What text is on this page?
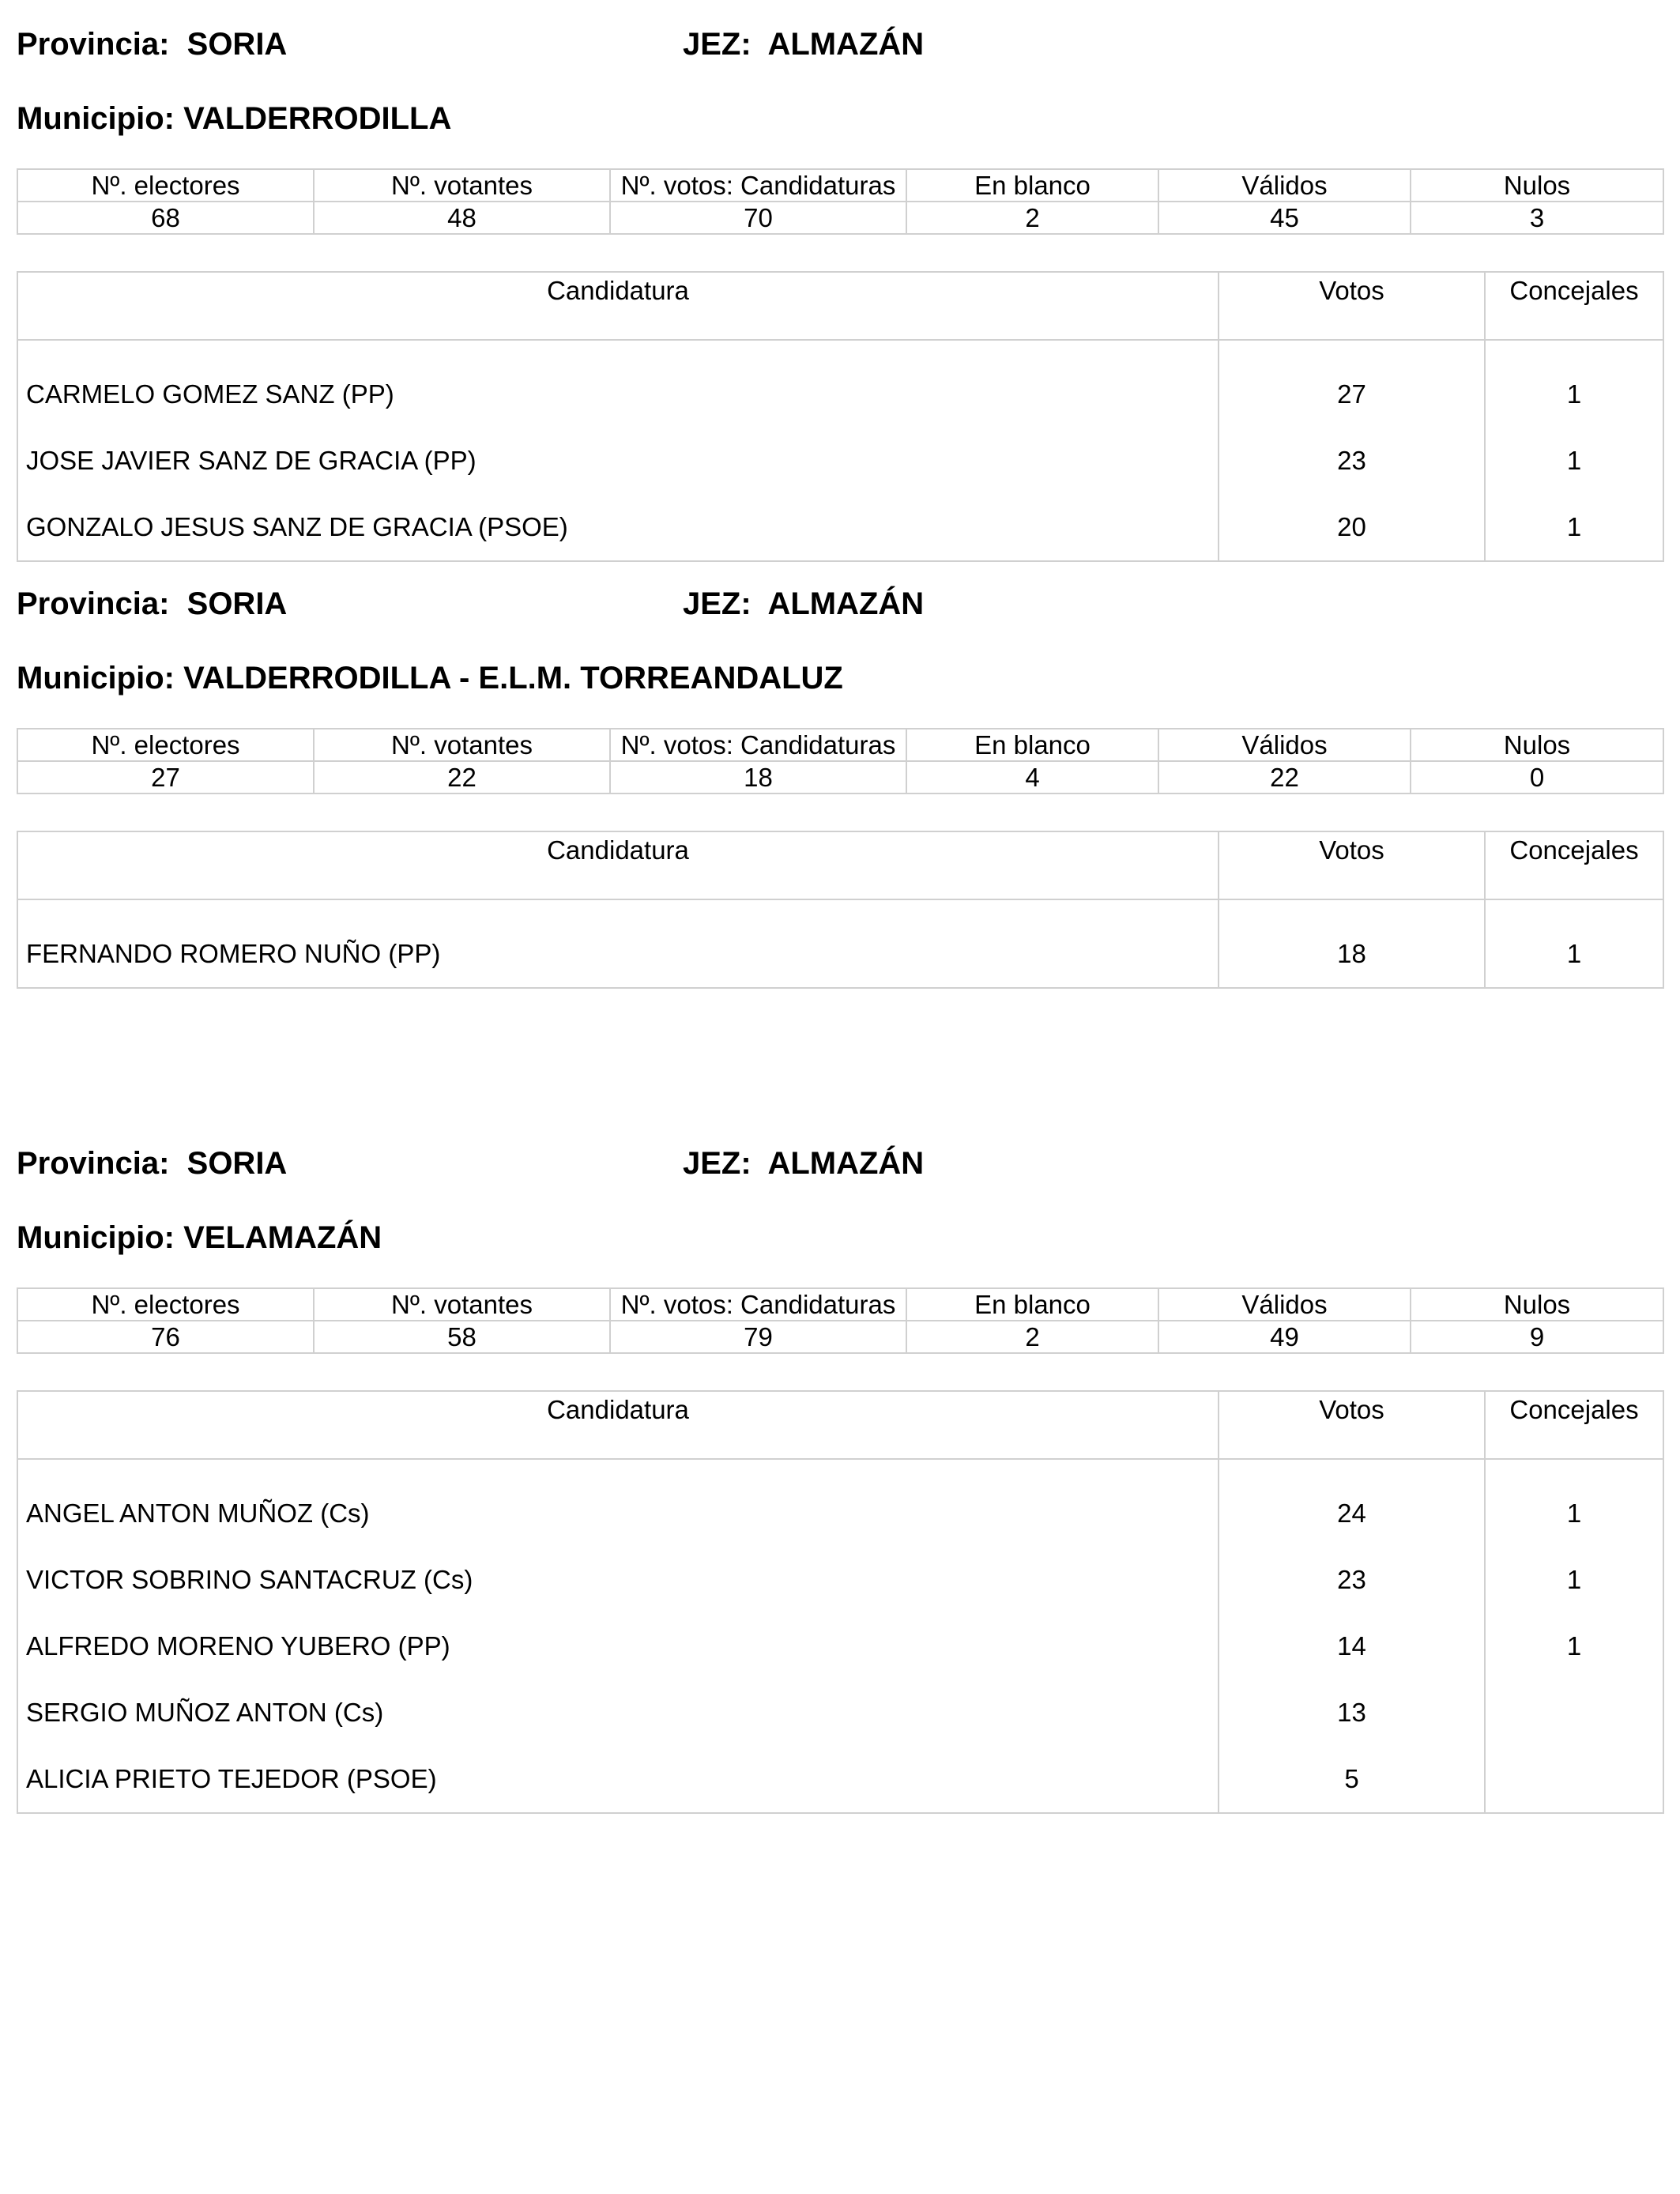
Provincia: SORIA	JEZ: ALMAZÁN
Municipio: VALDERRODILLA
Nº. electores	Nº. votantes	Nº. votos: Candidaturas	En blanco	Válidos	Nulos
68	48	70	2	45	3
Candidatura	Votos	Concejales

CARMELO GOMEZ SANZ (PP)	27	1
JOSE JAVIER SANZ DE GRACIA (PP)	23	1
GONZALO JESUS SANZ DE GRACIA (PSOE)	20	1
Provincia: SORIA	JEZ: ALMAZÁN
Municipio: VALDERRODILLA - E.L.M. TORREANDALUZ
Nº. electores	Nº. votantes	Nº. votos: Candidaturas	En blanco	Válidos	Nulos
27	22	18	4	22	0
Candidatura	Votos	Concejales

FERNANDO ROMERO NUÑO (PP)	18	1
Provincia: SORIA	JEZ: ALMAZÁN
Municipio: VELAMAZÁN
Nº. electores	Nº. votantes	Nº. votos: Candidaturas	En blanco	Válidos	Nulos
76	58	79	2	49	9
Candidatura	Votos	Concejales

ANGEL ANTON MUÑOZ (Cs)	24	1
VICTOR SOBRINO SANTACRUZ (Cs)	23	1
ALFREDO MORENO YUBERO (PP)	14	1
SERGIO MUÑOZ ANTON (Cs)	13	
ALICIA PRIETO TEJEDOR (PSOE)	5	
